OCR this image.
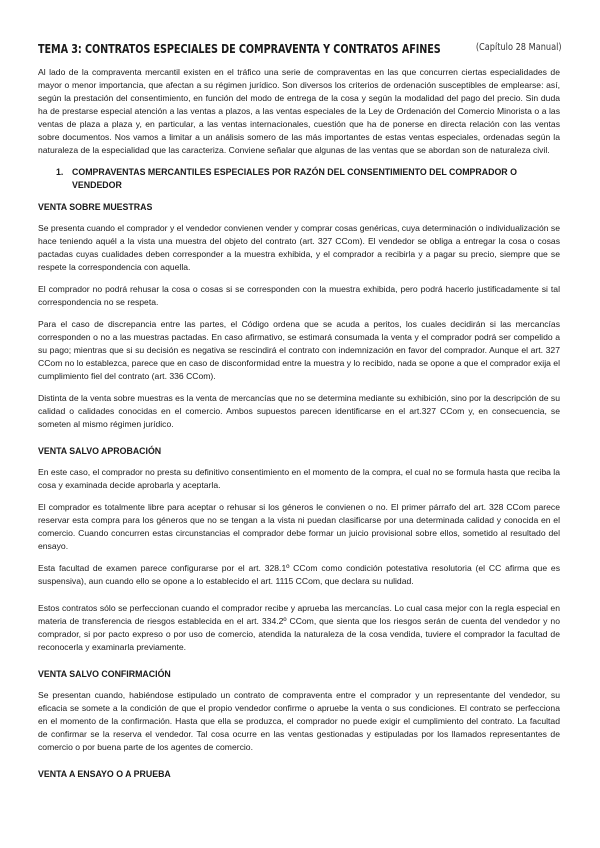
TEMA 3: CONTRATOS ESPECIALES DE COMPRAVENTA Y CONTRATOS AFINES	(Capítulo 28 Manual)

Al lado de la compraventa mercantil existen en el tráfico una serie de compraventas en las que concurren ciertas especialidades de mayor o menor importancia, que afectan a su régimen jurídico. Son diversos los criterios de ordenación susceptibles de emplearse: así, según la prestación del consentimiento, en función del modo de entrega de la cosa y según la modalidad del pago del precio. Sin duda ha de prestarse especial atención a las ventas a plazos, a las ventas especiales de la Ley de Ordenación del Comercio Minorista o a las ventas de plaza a plaza y, en particular, a las ventas internacionales, cuestión que ha de ponerse en directa relación con las ventas sobre documentos. Nos vamos a limitar a un análisis somero de las más importantes de estas ventas especiales, ordenadas según la naturaleza de la especialidad que las caracteriza. Conviene señalar que algunas de las ventas que se abordan son de naturaleza civil.

1. COMPRAVENTAS MERCANTILES ESPECIALES POR RAZÓN DEL CONSENTIMIENTO DEL COMPRADOR O VENDEDOR
VENTA SOBRE MUESTRAS

Se presenta cuando el comprador y el vendedor convienen vender y comprar cosas genéricas, cuya determinación o individualización se hace teniendo aquél a la vista una muestra del objeto del contrato (art. 327 CCom). El vendedor se obliga a entregar la cosa o cosas pactadas cuyas cualidades deben corresponder a la muestra exhibida, y el comprador a recibirla y a pagar su precio, siempre que se respete la correspondencia con aquella.

El comprador no podrá rehusar la cosa o cosas si se corresponden con la muestra exhibida, pero podrá hacerlo justificadamente si tal correspondencia no se respeta.

Para el caso de discrepancia entre las partes, el Código ordena que se acuda a peritos, los cuales decidirán si las mercancías corresponden o no a las muestras pactadas. En caso afirmativo, se estimará consumada la venta y el comprador podrá ser compelido a su pago; mientras que si su decisión es negativa se rescindirá el contrato con indemnización en favor del comprador. Aunque el art. 327 CCom no lo establezca, parece que en caso de disconformidad entre la muestra y lo recibido, nada se opone a que el comprador exija el cumplimiento fiel del contrato (art. 336 CCom).

Distinta de la venta sobre muestras es la venta de mercancías que no se determina mediante su exhibición, sino por la descripción de su calidad o calidades conocidas en el comercio. Ambos supuestos parecen identificarse en el art.327 CCom y, en consecuencia, se someten al mismo régimen jurídico.

VENTA SALVO APROBACIÓN

En este caso, el comprador no presta su definitivo consentimiento en el momento de la compra, el cual no se formula hasta que reciba la cosa y examinada decide aprobarla y aceptarla.

El comprador es totalmente libre para aceptar o rehusar si los géneros le convienen o no. El primer párrafo del art. 328 CCom parece reservar esta compra para los géneros que no se tengan a la vista ni puedan clasificarse por una determinada calidad y conocida en el comercio. Cuando concurren estas circunstancias el comprador debe formar un juicio provisional sobre ellos, sometido al resultado del ensayo.

Esta facultad de examen parece configurarse por el art. 328.1º CCom como condición potestativa resolutoria (el CC afirma que es suspensiva), aun cuando ello se opone a lo establecido el art. 1115 CCom, que declara su nulidad.

Estos contratos sólo se perfeccionan cuando el comprador recibe y aprueba las mercancías. Lo cual casa mejor con la regla especial en materia de transferencia de riesgos establecida en el art. 334.2º CCom, que sienta que los riesgos serán de cuenta del vendedor y no comprador, si por pacto expreso o por uso de comercio, atendida la naturaleza de la cosa vendida, tuviere el comprador la facultad de reconocerla y examinarla previamente.

VENTA SALVO CONFIRMACIÓN

Se presentan cuando, habiéndose estipulado un contrato de compraventa entre el comprador y un representante del vendedor, su eficacia se somete a la condición de que el propio vendedor confirme o apruebe la venta o sus condiciones. El contrato se perfecciona en el momento de la confirmación. Hasta que ella se produzca, el comprador no puede exigir el cumplimiento del contrato. La facultad de confirmar se la reserva el vendedor. Tal cosa ocurre en las ventas gestionadas y estipuladas por los llamados representantes de comercio o por buena parte de los agentes de comercio.

VENTA A ENSAYO O A PRUEBA
